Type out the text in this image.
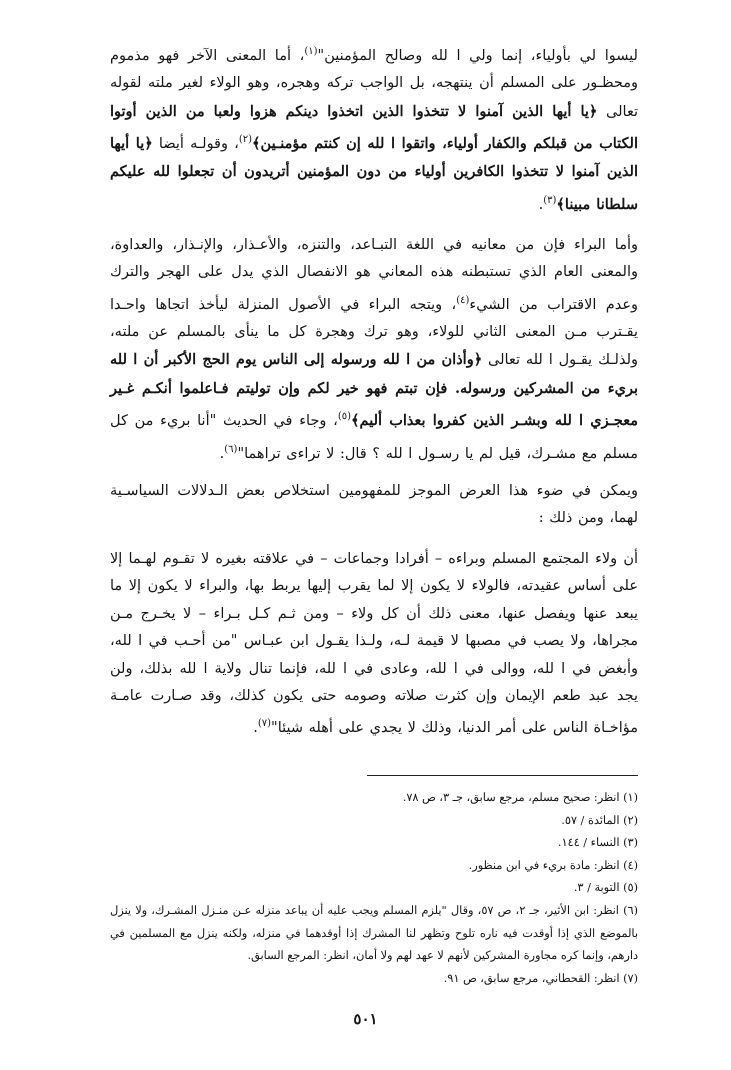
ليسوا لي بأولياء، إنما ولي ا لله وصالح المؤمنين"$^{(١)}$، أما المعنى الآخر فهو مذموم ومحظـور على المسلم أن ينتهجه، بل الواجب تركه وهجره، وهو الولاء لغير ملته لقوله تعالى ﴿يا أيها الذين آمنوا لا تتخذوا الذين اتخذوا دينكم هزوا ولعبا من الذين أوتوا الكتاب من قبلكم والكفار أولياء، واتقوا ا لله إن كنتم مؤمنـين﴾$^{(٢)}$، وقولـه أيضا ﴿يا أيها الذين آمنوا لا تتخذوا الكافرين أولياء من دون المؤمنين أتريدون أن تجعلوا لله عليكم سلطانا مبينا﴾$^{(٣)}$.

وأما البراء فإن من معانيه في اللغة التبـاعد، والتنزه، والأعـذار، والإنـذار، والعداوة، والمعنى العام الذي تستبطنه هذه المعاني هو الانفصال الذي يدل على الهجر والترك وعدم الاقتراب من الشيء$^{(٤)}$، ويتجه البراء في الأصول المنزلة ليأخذ اتجاها واحـدا يقـترب مـن المعنى الثاني للولاء، وهو ترك وهجرة كل ما ينأى بالمسلم عن ملته، ولذلـك يقـول ا لله تعالى ﴿وأذان من ا لله ورسوله إلى الناس يوم الحج الأكبر أن ا لله بريء من المشركين ورسوله. فإن تبتم فهو خير لكم وإن توليتم فـاعلموا أنكـم غـير معجـزي ا لله وبشـر الذين كفروا بعذاب أليم﴾$^{(٥)}$، وجاء في الحديث "أنا بريء من كل مسلم مع مشـرك، قيل لم يا رسـول ا لله ؟ قال: لا تراءى تراهما"$^{(٦)}$.

ويمكن في ضوء هذا العرض الموجز للمفهومين استخلاص بعض الـدلالات السياسـية لهما، ومن ذلك :

أن ولاء المجتمع المسلم وبراءه – أفرادا وجماعات – في علاقته بغيره لا تقـوم لهـما إلا على أساس عقيدته، فالولاء لا يكون إلا لما يقرب إليها يربط بها، والبراء لا يكون إلا ما يبعد عنها ويفصل عنها، معنى ذلك أن كل ولاء – ومن ثـم كـل بـراء – لا يخـرج مـن مجراها، ولا يصب في مصبها لا قيمة لـه، ولـذا يقـول ابن عبـاس "من أحـب في ا لله، وأبغض في ا لله، ووالى في ا لله، وعادى في ا لله، فإنما تنال ولاية ا لله بذلك، ولن يجد عبد طعم الإيمان وإن كثرت صلاته وصومه حتى يكون كذلك، وقد صـارت عامـة مؤاخـاة الناس على أمر الدنيا، وذلك لا يجدي على أهله شيئا"$^{(٧)}$.

(١) انظر: صحيح مسلم، مرجع سابق، جـ ٣، ص ٧٨.

(٢) المائدة / ٥٧.

(٣) النساء / ١٤٤.

(٤) انظر: مادة بريء في ابن منظور.

(٥) التوبة / ٣.

(٦) انظر: ابن الأثير، جـ ٢، ص ٥٧، وقال "يلزم المسلم ويجب عليه أن يباعد منزله عـن منـزل المشـرك، ولا ينزل بالموضع الذي إذا أوقدت فيه ناره تلوح وتظهر لنا المشرك إذا أوقدهما في منزله، ولكنه ينزل مع المسلمين في دارهم، وإنما كره مجاورة المشركين لأنهم لا عهد لهم ولا أمان، انظر: المرجع السابق.

(٧) انظر: القحطاني، مرجع سابق، ص ٩١.

٥٠١
